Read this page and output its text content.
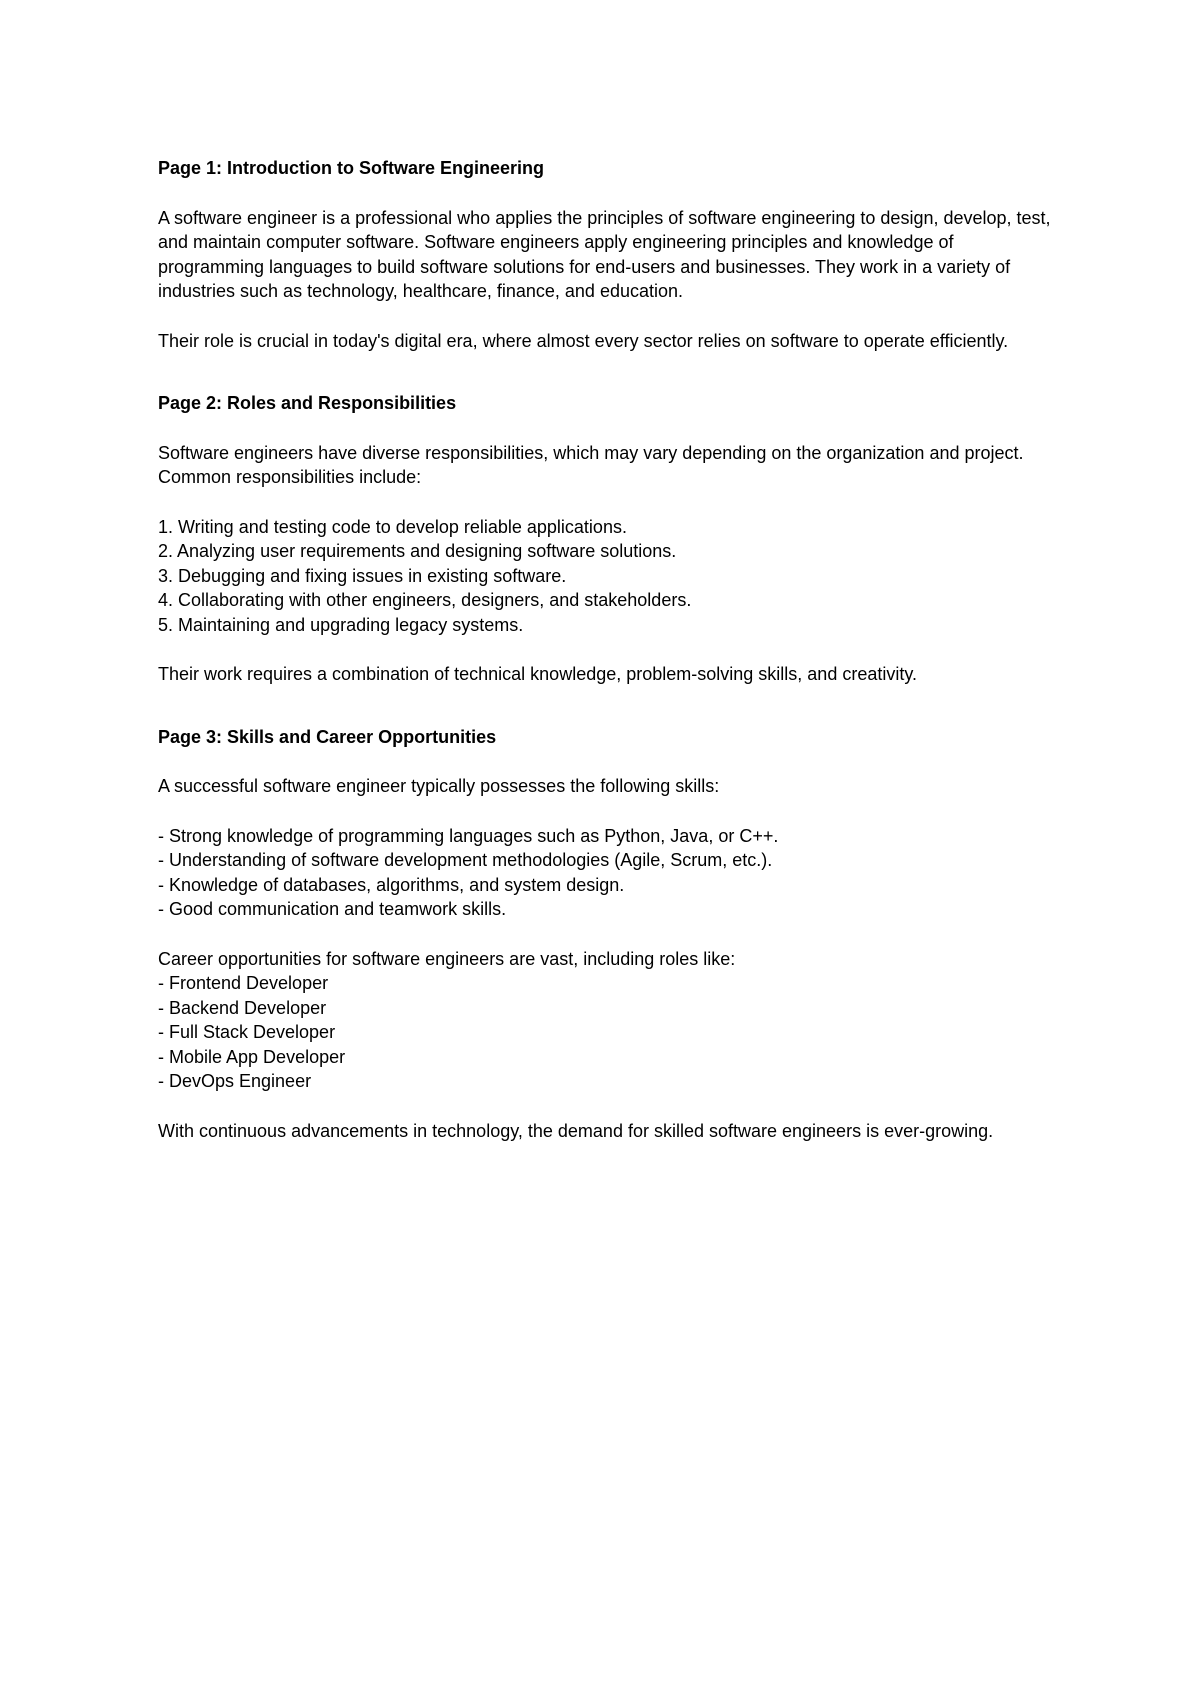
Page 1: Introduction to Software Engineering

A software engineer is a professional who applies the principles of software engineering to design, develop, test, and maintain computer software. Software engineers apply engineering principles and knowledge of programming languages to build software solutions for end-users and businesses. They work in a variety of industries such as technology, healthcare, finance, and education.

Their role is crucial in today's digital era, where almost every sector relies on software to operate efficiently.

Page 2: Roles and Responsibilities

Software engineers have diverse responsibilities, which may vary depending on the organization and project. Common responsibilities include:

1. Writing and testing code to develop reliable applications.
2. Analyzing user requirements and designing software solutions.
3. Debugging and fixing issues in existing software.
4. Collaborating with other engineers, designers, and stakeholders.
5. Maintaining and upgrading legacy systems.

Their work requires a combination of technical knowledge, problem-solving skills, and creativity.

Page 3: Skills and Career Opportunities

A successful software engineer typically possesses the following skills:

- Strong knowledge of programming languages such as Python, Java, or C++.
- Understanding of software development methodologies (Agile, Scrum, etc.).
- Knowledge of databases, algorithms, and system design.
- Good communication and teamwork skills.
Career opportunities for software engineers are vast, including roles like:
- Frontend Developer
- Backend Developer
- Full Stack Developer
- Mobile App Developer
- DevOps Engineer

With continuous advancements in technology, the demand for skilled software engineers is ever-growing.
